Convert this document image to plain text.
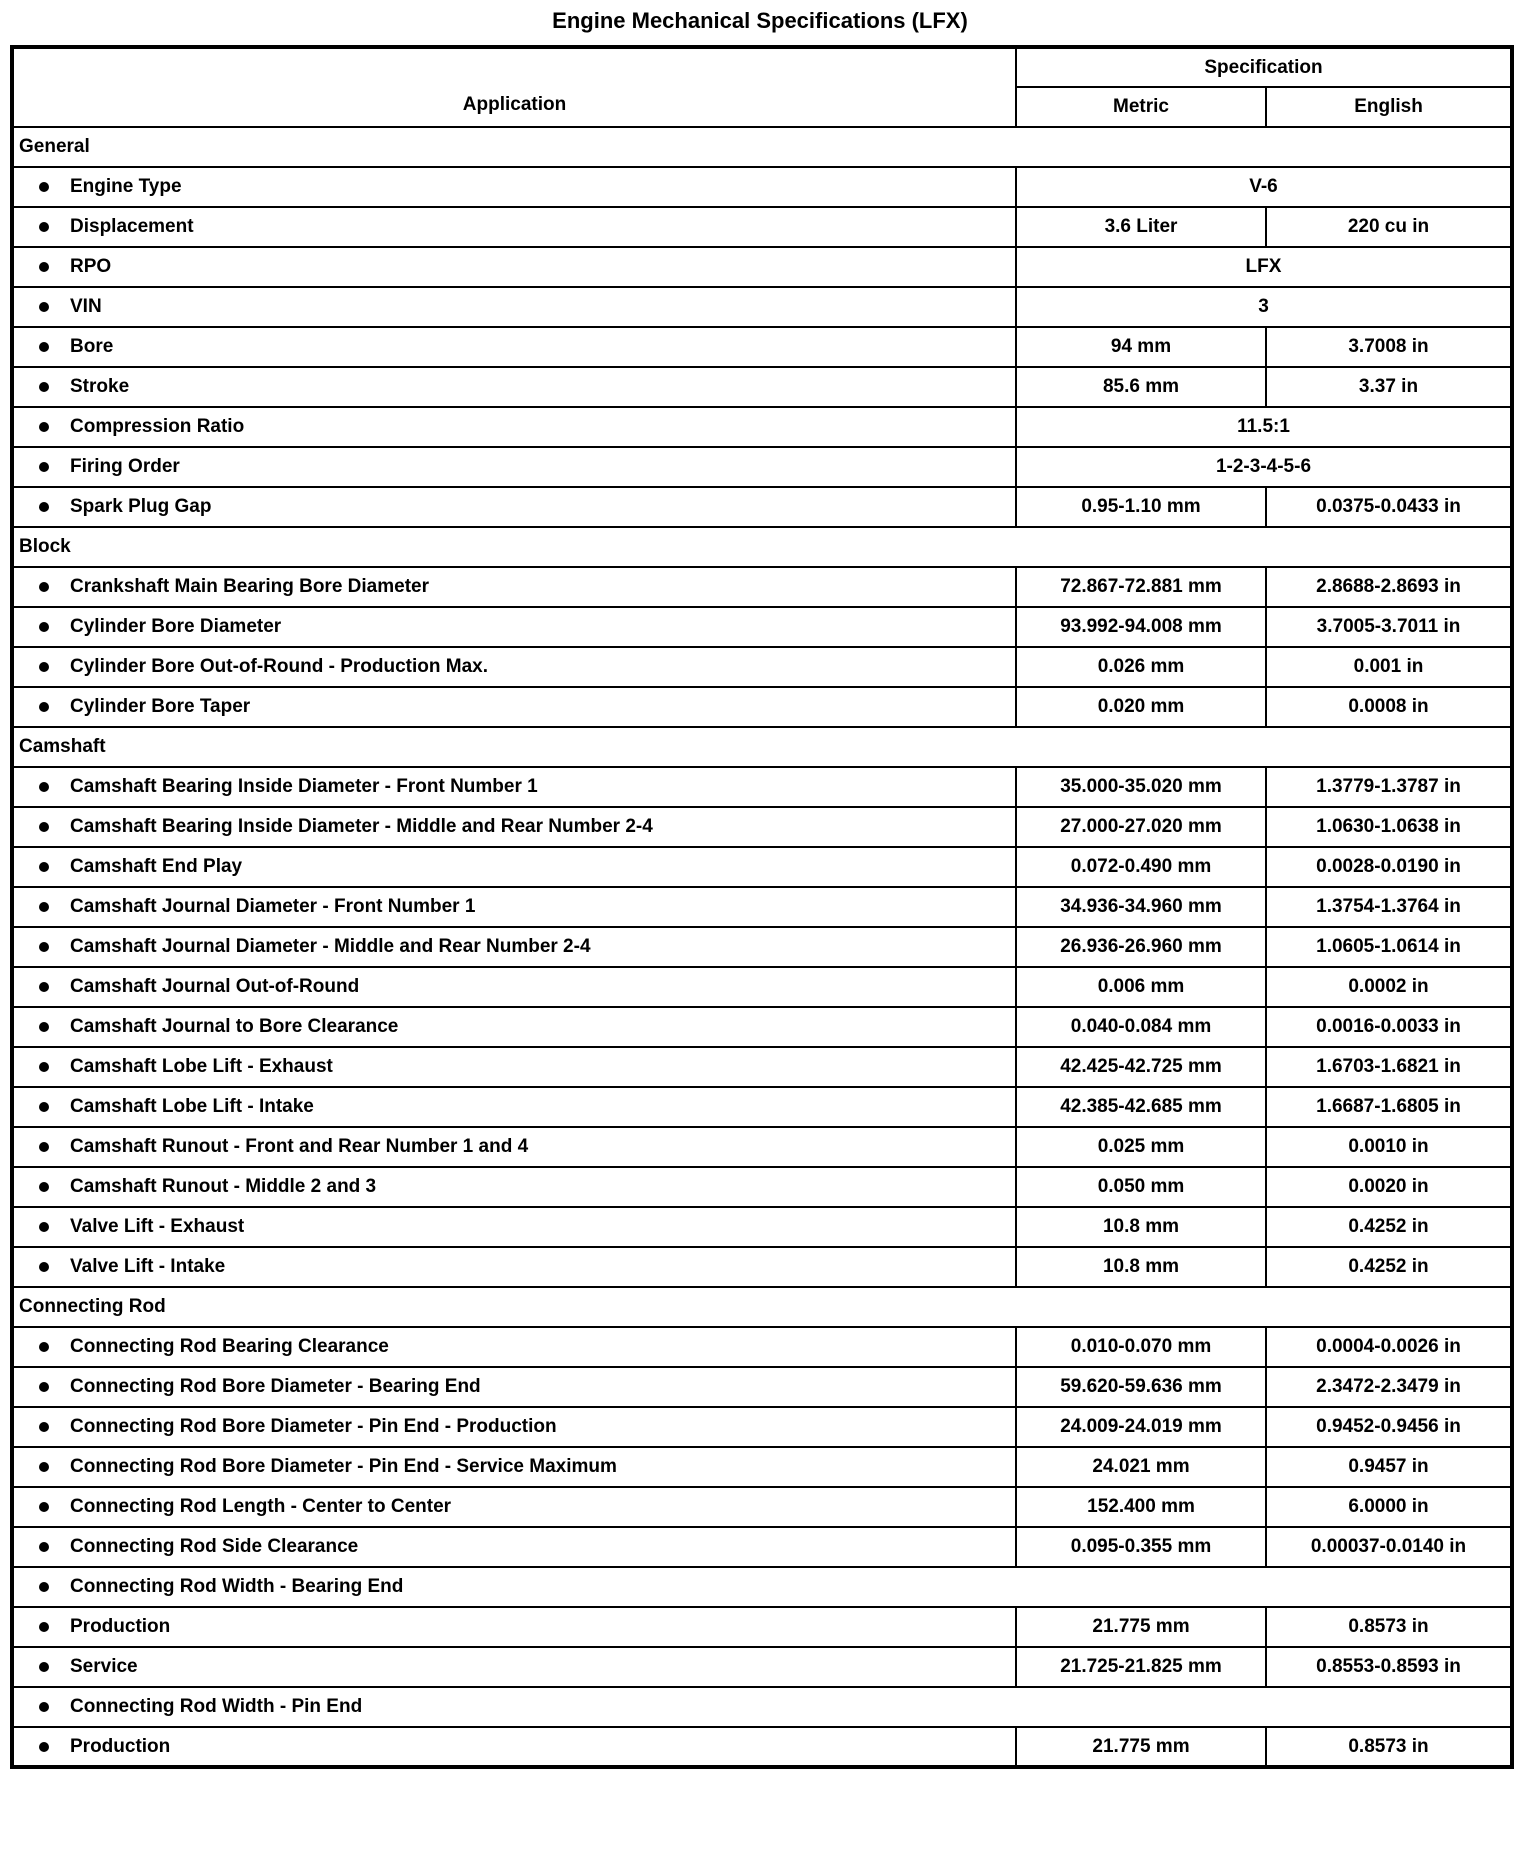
Engine Mechanical Specifications (LFX)
Application	Specification	
	Metric	English
General		

Engine Type	V-6	

Displacement	3.6 Liter	220 cu in

RPO	LFX	

VIN	3	

Bore	94 mm	3.7008 in

Stroke	85.6 mm	3.37 in

Compression Ratio	11.5:1	

Firing Order	1-2-3-4-5-6	

Spark Plug Gap	0.95-1.10 mm	0.0375-0.0433 in
Block		

Crankshaft Main Bearing Bore Diameter	72.867-72.881 mm	2.8688-2.8693 in

Cylinder Bore Diameter	93.992-94.008 mm	3.7005-3.7011 in

Cylinder Bore Out-of-Round - Production Max.	0.026 mm	0.001 in

Cylinder Bore Taper	0.020 mm	0.0008 in
Camshaft		

Camshaft Bearing Inside Diameter - Front Number 1	35.000-35.020 mm	1.3779-1.3787 in

Camshaft Bearing Inside Diameter - Middle and Rear Number 2-4	27.000-27.020 mm	1.0630-1.0638 in

Camshaft End Play	0.072-0.490 mm	0.0028-0.0190 in

Camshaft Journal Diameter - Front Number 1	34.936-34.960 mm	1.3754-1.3764 in

Camshaft Journal Diameter - Middle and Rear Number 2-4	26.936-26.960 mm	1.0605-1.0614 in

Camshaft Journal Out-of-Round	0.006 mm	0.0002 in

Camshaft Journal to Bore Clearance	0.040-0.084 mm	0.0016-0.0033 in

Camshaft Lobe Lift - Exhaust	42.425-42.725 mm	1.6703-1.6821 in

Camshaft Lobe Lift - Intake	42.385-42.685 mm	1.6687-1.6805 in

Camshaft Runout - Front and Rear Number 1 and 4	0.025 mm	0.0010 in

Camshaft Runout - Middle 2 and 3	0.050 mm	0.0020 in

Valve Lift - Exhaust	10.8 mm	0.4252 in

Valve Lift - Intake	10.8 mm	0.4252 in
Connecting Rod		

Connecting Rod Bearing Clearance	0.010-0.070 mm	0.0004-0.0026 in

Connecting Rod Bore Diameter - Bearing End	59.620-59.636 mm	2.3472-2.3479 in

Connecting Rod Bore Diameter - Pin End - Production	24.009-24.019 mm	0.9452-0.9456 in

Connecting Rod Bore Diameter - Pin End - Service Maximum	24.021 mm	0.9457 in

Connecting Rod Length - Center to Center	152.400 mm	6.0000 in

Connecting Rod Side Clearance	0.095-0.355 mm	0.00037-0.0140 in

Connecting Rod Width - Bearing End		

Production	21.775 mm	0.8573 in

Service	21.725-21.825 mm	0.8553-0.8593 in

Connecting Rod Width - Pin End		

Production	21.775 mm	0.8573 in
